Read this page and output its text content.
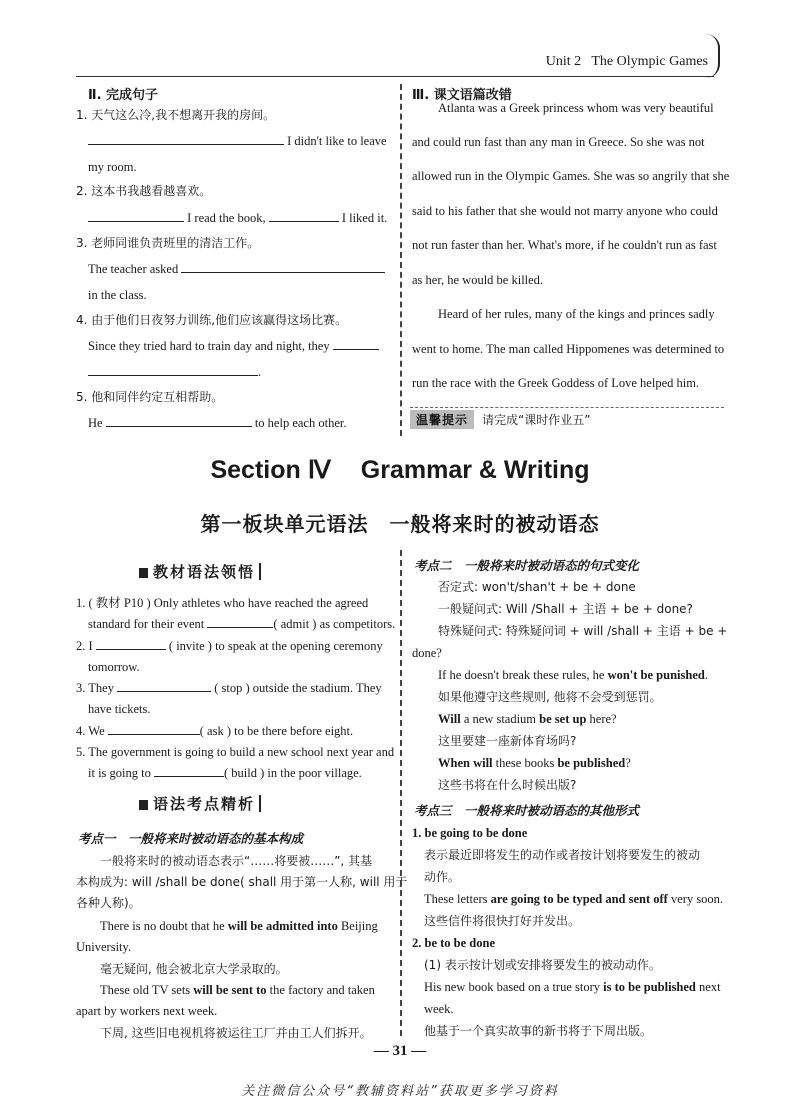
Unit 2 The Olympic Games
Ⅱ. 完成句子
1. 天气这么冷,我不想离开我的房间。
I didn't like to leave
my room.
2. 这本书我越看越喜欢。
I read the book,	I liked it.
3. 老师同谁负责班里的清洁工作。
The teacher asked
in the class.
4. 由于他们日夜努力训练,他们应该赢得这场比赛。
Since they tried hard to train day and night, they
.
5. 他和同伴约定互相帮助。
He	to help each other.
Ⅲ. 课文语篇改错
Atlanta was a Greek princess whom was very beautiful
and could run fast than any man in Greece. So she was not
allowed run in the Olympic Games. She was so angrily that she
said to his father that she would not marry anyone who could
not run faster than her. What's more, if he couldn't run as fast
as her, he would be killed.
Heard of her rules, many of the kings and princes sadly
went to home. The man called Hippomenes was determined to
run the race with the Greek Goddess of Love helped him.
温馨提示 请完成“课时作业五”
Section Ⅳ Grammar & Writing
第一板块单元语法　一般将来时的被动语态
教材语法领悟
1. ( 教材 P10 ) Only athletes who have reached the agreed
standard for their event	( admit ) as competitors.
2. I	( invite ) to speak at the opening ceremony
tomorrow.
3. They	( stop ) outside the stadium. They
have tickets.
4. We	( ask ) to be there before eight.
5. The government is going to build a new school next year and
it is going to	( build ) in the poor village.
语法考点精析
考点一　一般将来时被动语态的基本构成
一般将来时的被动语态表示“……将要被……”, 其基
本构成为: will /shall be done( shall 用于第一人称, will 用于
各种人称)。
There is no doubt that he will be admitted into Beijing
University.
毫无疑问, 他会被北京大学录取的。
These old TV sets will be sent to the factory and taken
apart by workers next week.
下周, 这些旧电视机将被运往工厂并由工人们拆开。
考点二　一般将来时被动语态的句式变化
否定式: won't/shan't + be + done
一般疑问式: Will /Shall + 主语 + be + done?
特殊疑问式: 特殊疑问词 + will /shall + 主语 + be +
done?
If he doesn't break these rules, he won't be punished.
如果他遵守这些规则, 他将不会受到惩罚。
Will a new stadium be set up here?
这里要建一座新体育场吗?
When will these books be published?
这些书将在什么时候出版?
考点三　一般将来时被动语态的其他形式
1. be going to be done
表示最近即将发生的动作或者按计划将要发生的被动
动作。
These letters are going to be typed and sent off very soon.
这些信件将很快打好并发出。
2. be to be done
(1) 表示按计划或安排将要发生的被动动作。
His new book based on a true story is to be published next
week.
他基于一个真实故事的新书将于下周出版。
— 31 —
关注微信公众号“教辅资料站”获取更多学习资料
